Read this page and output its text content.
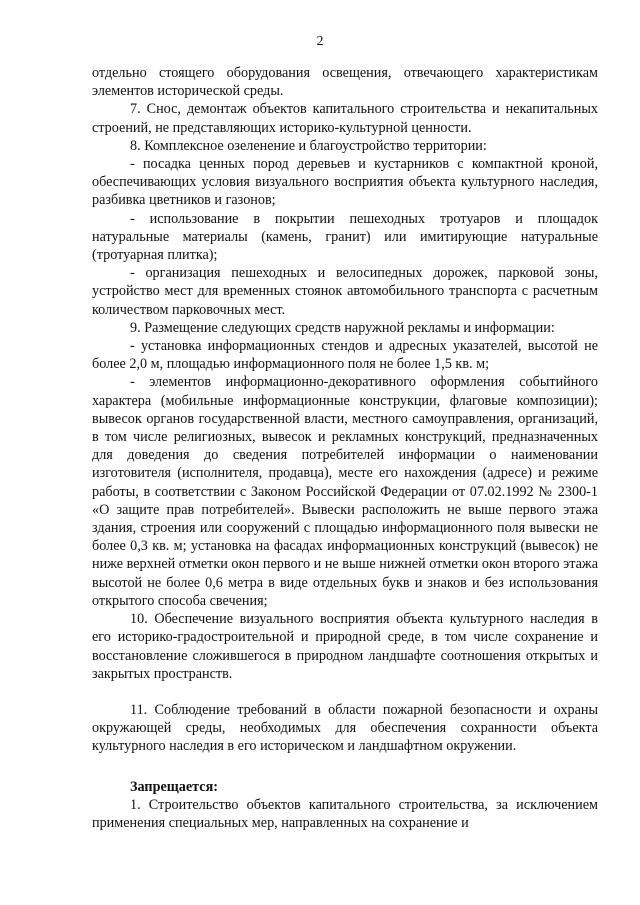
2

отдельно стоящего оборудования освещения, отвечающего характеристикам элементов исторической среды.

7. Снос, демонтаж объектов капитального строительства и некапитальных строений, не представляющих историко-культурной ценности.

8. Комплексное озеленение и благоустройство территории:

- посадка ценных пород деревьев и кустарников с компактной кроной, обеспечивающих условия визуального восприятия объекта культурного наследия, разбивка цветников и газонов;

- использование в покрытии пешеходных тротуаров и площадок натуральные материалы (камень, гранит) или имитирующие натуральные (тротуарная плитка);

- организация пешеходных и велосипедных дорожек, парковой зоны, устройство мест для временных стоянок автомобильного транспорта с расчетным количеством парковочных мест.

9. Размещение следующих средств наружной рекламы и информации:

- установка информационных стендов и адресных указателей, высотой не более 2,0 м, площадью информационного поля не более 1,5 кв. м;

- элементов информационно-декоративного оформления событийного характера (мобильные информационные конструкции, флаговые композиции); вывесок органов государственной власти, местного самоуправления, организаций, в том числе религиозных, вывесок и рекламных конструкций, предназначенных для доведения до сведения потребителей информации о наименовании изготовителя (исполнителя, продавца), месте его нахождения (адресе) и режиме работы, в соответствии с Законом Российской Федерации от 07.02.1992 № 2300-1 «О защите прав потребителей». Вывески расположить не выше первого этажа здания, строения или сооружений с площадью информационного поля вывески не более 0,3 кв. м; установка на фасадах информационных конструкций (вывесок) не ниже верхней отметки окон первого и не выше нижней отметки окон второго этажа высотой не более 0,6 метра в виде отдельных букв и знаков и без использования открытого способа свечения;

10. Обеспечение визуального восприятия объекта культурного наследия в его историко-градостроительной и природной среде, в том числе сохранение и восстановление сложившегося в природном ландшафте соотношения открытых и закрытых пространств.

11. Соблюдение требований в области пожарной безопасности и охраны окружающей среды, необходимых для обеспечения сохранности объекта культурного наследия в его историческом и ландшафтном окружении.

Запрещается:

1. Строительство объектов капитального строительства, за исключением применения специальных мер, направленных на сохранение и
